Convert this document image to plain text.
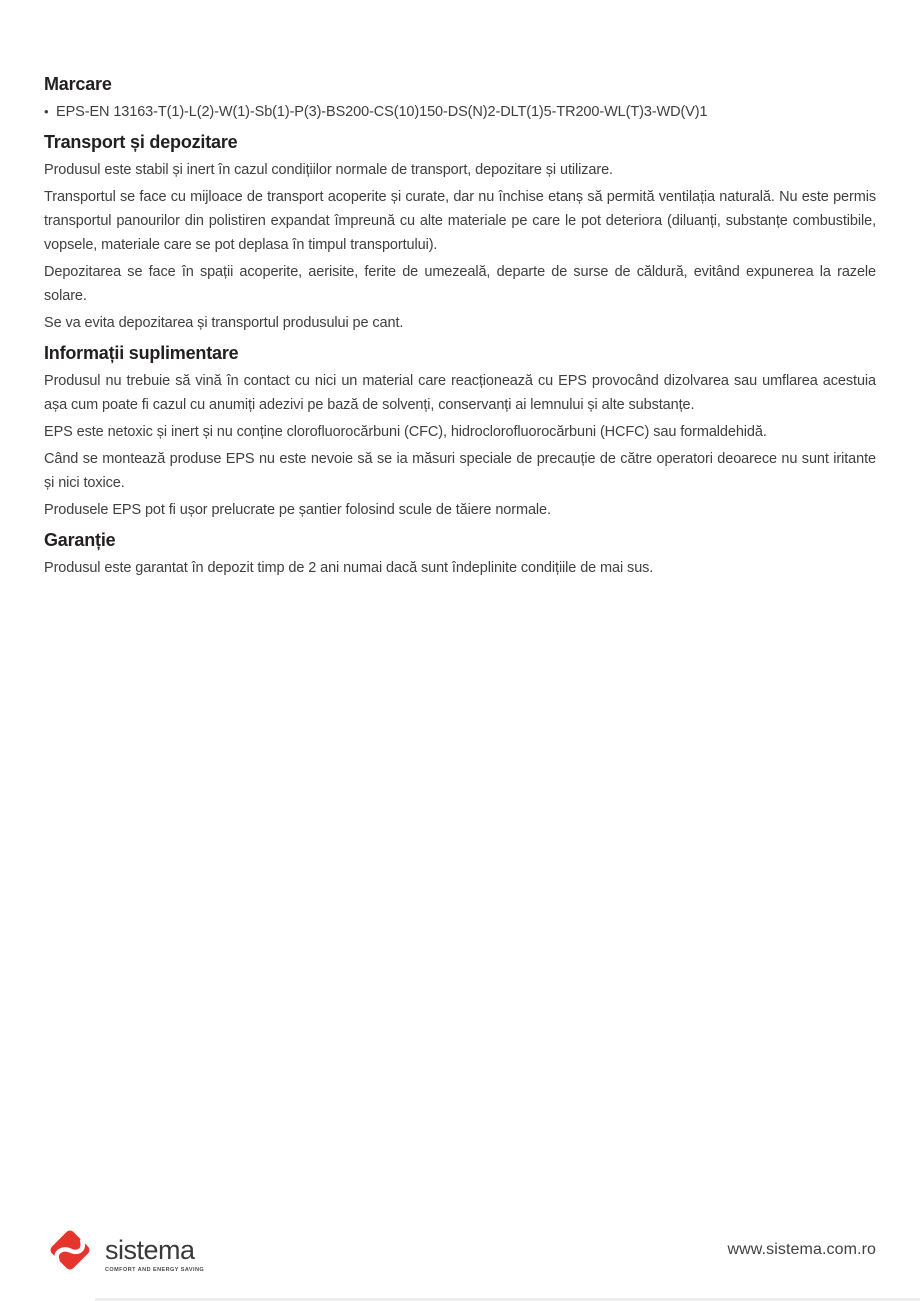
Marcare
• EPS-EN 13163-T(1)-L(2)-W(1)-Sb(1)-P(3)-BS200-CS(10)150-DS(N)2-DLT(1)5-TR200-WL(T)3-WD(V)1
Transport și depozitare

Produsul este stabil și inert în cazul condițiilor normale de transport, depozitare și utilizare.

Transportul se face cu mijloace de transport acoperite și curate, dar nu închise etanș să permită ventilația naturală. Nu este permis transportul panourilor din polistiren expandat împreună cu alte materiale pe care le pot deteriora (diluanți, substanțe combustibile, vopsele, materiale care se pot deplasa în timpul transportului).

Depozitarea se face în spații acoperite, aerisite, ferite de umezeală, departe de surse de căldură, evitând expunerea la razele solare.

Se va evita depozitarea și transportul produsului pe cant.

Informații suplimentare

Produsul nu trebuie să vină în contact cu nici un material care reacționează cu EPS provocând dizolvarea sau umflarea acestuia așa cum poate fi cazul cu anumiți adezivi pe bază de solvenți, conservanți ai lemnului și alte substanțe.

EPS este netoxic și inert și nu conține clorofluorocărbuni (CFC), hidroclorofluorocărbuni (HCFC) sau formaldehidă.

Când se montează produse EPS nu este nevoie să se ia măsuri speciale de precauție de către operatori deoarece nu sunt iritante și nici toxice.

Produsele EPS pot fi ușor prelucrate pe șantier folosind scule de tăiere normale.

Garanție

Produsul este garantat în depozit timp de 2 ani numai dacă sunt îndeplinite condițiile de mai sus.

sistema
COMFORT AND ENERGY SAVING
www.sistema.com.ro
